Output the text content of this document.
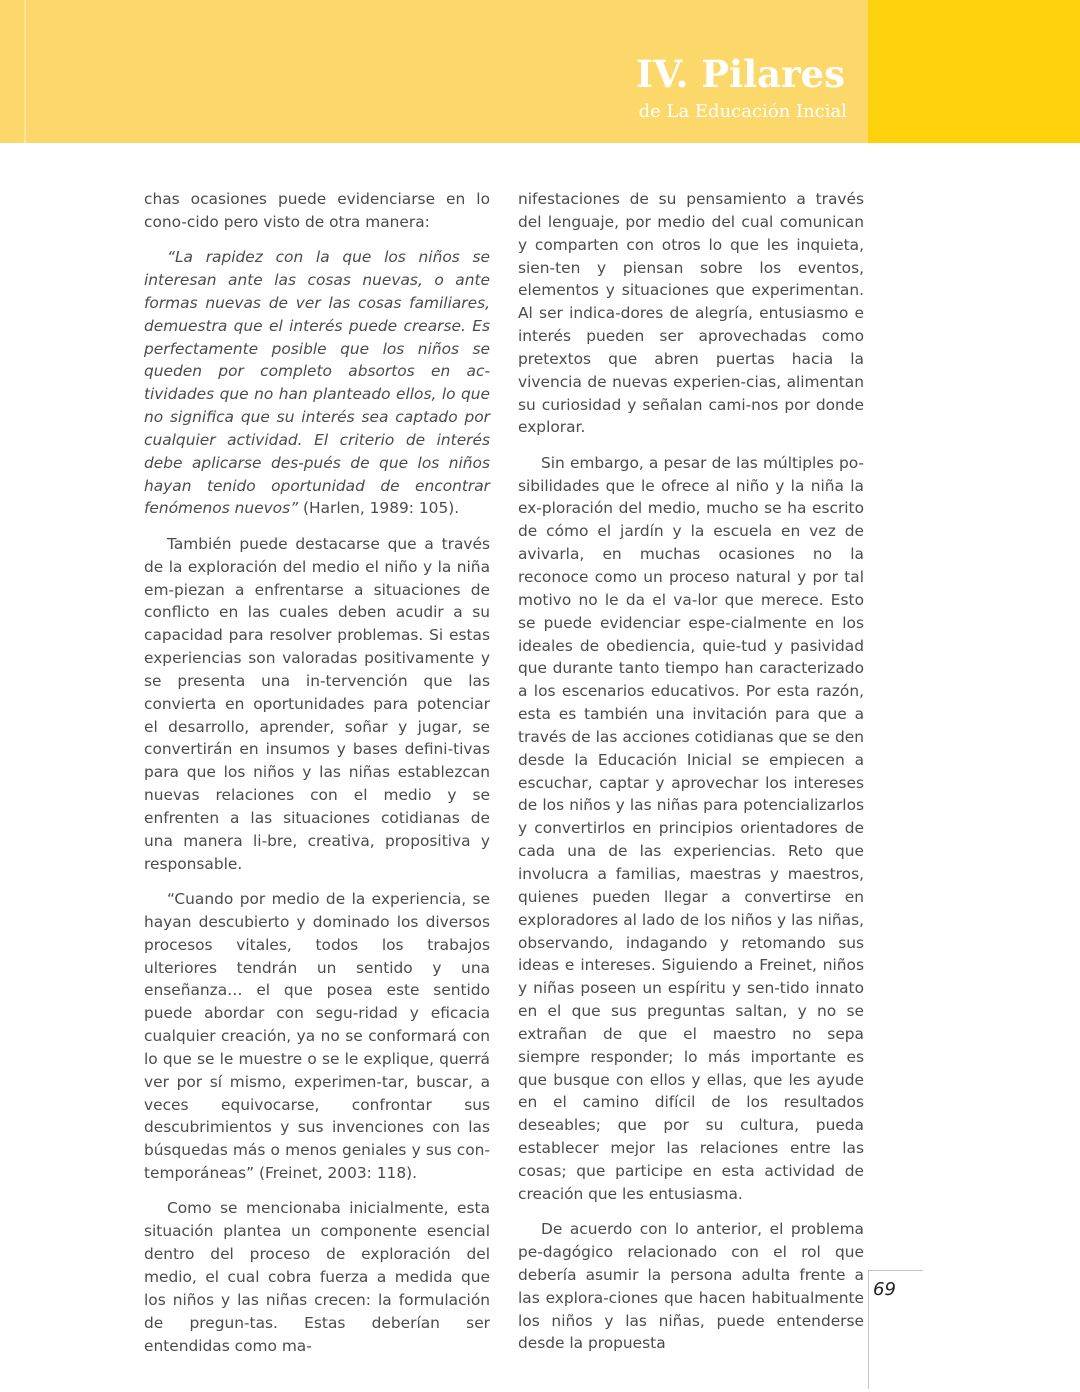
IV. Pilares
de La Educación Incial

chas ocasiones puede evidenciarse en lo cono-cido pero visto de otra manera:

“La rapidez con la que los niños se interesan ante las cosas nuevas, o ante formas nuevas de ver las cosas familiares, demuestra que el interés puede crearse. Es perfectamente posible que los niños se queden por completo absortos en ac-tividades que no han planteado ellos, lo que no significa que su interés sea captado por cualquier actividad. El criterio de interés debe aplicarse des-pués de que los niños hayan tenido oportunidad de encontrar fenómenos nuevos” (Harlen, 1989: 105).

También puede destacarse que a través de la exploración del medio el niño y la niña em-piezan a enfrentarse a situaciones de conflicto en las cuales deben acudir a su capacidad para resolver problemas. Si estas experiencias son valoradas positivamente y se presenta una in-tervención que las convierta en oportunidades para potenciar el desarrollo, aprender, soñar y jugar, se convertirán en insumos y bases defini-tivas para que los niños y las niñas establezcan nuevas relaciones con el medio y se enfrenten a las situaciones cotidianas de una manera li-bre, creativa, propositiva y responsable.

“Cuando por medio de la experiencia, se hayan descubierto y dominado los diversos procesos vitales, todos los trabajos ulteriores tendrán un sentido y una enseñanza… el que posea este sentido puede abordar con segu-ridad y eficacia cualquier creación, ya no se conformará con lo que se le muestre o se le explique, querrá ver por sí mismo, experimen-tar, buscar, a veces equivocarse, confrontar sus descubrimientos y sus invenciones con las búsquedas más o menos geniales y sus con-temporáneas” (Freinet, 2003: 118).

Como se mencionaba inicialmente, esta situación plantea un componente esencial dentro del proceso de exploración del medio, el cual cobra fuerza a medida que los niños y las niñas crecen: la formulación de pregun-tas. Estas deberían ser entendidas como ma-

nifestaciones de su pensamiento a través del lenguaje, por medio del cual comunican y comparten con otros lo que les inquieta, sien-ten y piensan sobre los eventos, elementos y situaciones que experimentan. Al ser indica-dores de alegría, entusiasmo e interés pueden ser aprovechadas como pretextos que abren puertas hacia la vivencia de nuevas experien-cias, alimentan su curiosidad y señalan cami-nos por donde explorar.

Sin embargo, a pesar de las múltiples po-sibilidades que le ofrece al niño y la niña la ex-ploración del medio, mucho se ha escrito de cómo el jardín y la escuela en vez de avivarla, en muchas ocasiones no la reconoce como un proceso natural y por tal motivo no le da el va-lor que merece. Esto se puede evidenciar espe-cialmente en los ideales de obediencia, quie-tud y pasividad que durante tanto tiempo han caracterizado a los escenarios educativos. Por esta razón, esta es también una invitación para que a través de las acciones cotidianas que se den desde la Educación Inicial se empiecen a escuchar, captar y aprovechar los intereses de los niños y las niñas para potencializarlos y convertirlos en principios orientadores de cada una de las experiencias. Reto que involucra a familias, maestras y maestros, quienes pueden llegar a convertirse en exploradores al lado de los niños y las niñas, observando, indagando y retomando sus ideas e intereses. Siguiendo a Freinet, niños y niñas poseen un espíritu y sen-tido innato en el que sus preguntas saltan, y no se extrañan de que el maestro no sepa siempre responder; lo más importante es que busque con ellos y ellas, que les ayude en el camino difícil de los resultados deseables; que por su cultura, pueda establecer mejor las relaciones entre las cosas; que participe en esta actividad de creación que les entusiasma.

De acuerdo con lo anterior, el problema pe-dagógico relacionado con el rol que debería asumir la persona adulta frente a las explora-ciones que hacen habitualmente los niños y las niñas, puede entenderse desde la propuesta

69
